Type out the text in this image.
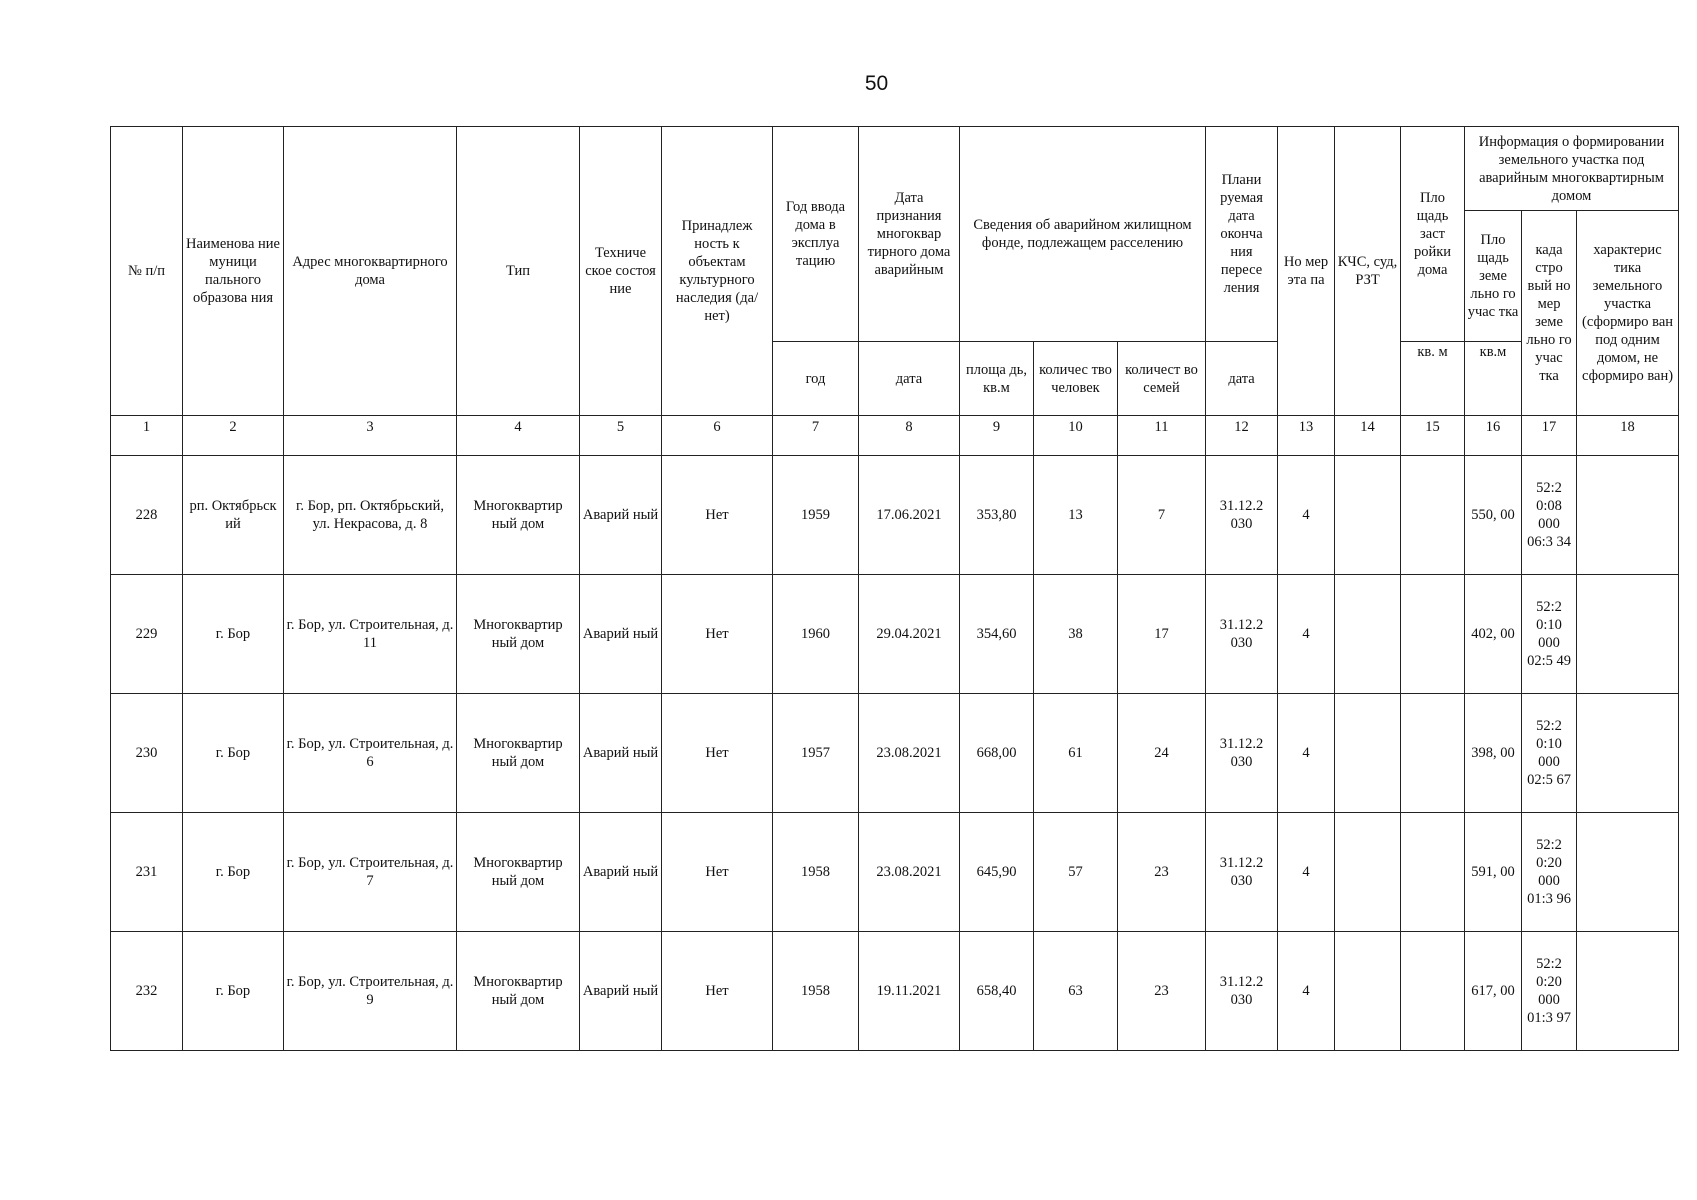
50
№ п/п	Наименова ние муници пального образова ния	Адрес многоквартирного дома	Тип	Техниче ское состоя ние	Принадлеж ность к объектам культурного наследия (да/нет)	Год ввода дома в эксплуа тацию	Дата признания многоквар тирного дома аварийным	Сведения об аварийном жилищном фонде, подлежащем расселению			Плани руемая дата оконча ния пересе ления	Но мер эта па	КЧС, суд, РЗТ	Пло щадь заст ройки дома	Информация о формировании земельного участка под аварийным многоквартирным домом		
															Пло щадь земе льно го учас тка	када стро вый но мер земе льно го учас тка	характерис тика земельного участка (сформиро ван под одним домом, не сформиро ван)
						год	дата	площа дь, кв.м	количес тво человек	количест во семей	дата			кв. м	кв.м		
1	2	3	4	5	6	7	8	9	10	11	12	13	14	15	16	17	18
228	рп. Октябрьск ий	г. Бор, рп. Октябрьский, ул. Некрасова, д. 8	Многоквартир ный дом	Аварий ный	Нет	1959	17.06.2021	353,80	13	7	31.12.2 030	4			550, 00	52:2 0:08 000 06:3 34	
229	г. Бор	г. Бор, ул. Строительная, д. 11	Многоквартир ный дом	Аварий ный	Нет	1960	29.04.2021	354,60	38	17	31.12.2 030	4			402, 00	52:2 0:10 000 02:5 49	
230	г. Бор	г. Бор, ул. Строительная, д. 6	Многоквартир ный дом	Аварий ный	Нет	1957	23.08.2021	668,00	61	24	31.12.2 030	4			398, 00	52:2 0:10 000 02:5 67	
231	г. Бор	г. Бор, ул. Строительная, д. 7	Многоквартир ный дом	Аварий ный	Нет	1958	23.08.2021	645,90	57	23	31.12.2 030	4			591, 00	52:2 0:20 000 01:3 96	
232	г. Бор	г. Бор, ул. Строительная, д. 9	Многоквартир ный дом	Аварий ный	Нет	1958	19.11.2021	658,40	63	23	31.12.2 030	4			617, 00	52:2 0:20 000 01:3 97	
